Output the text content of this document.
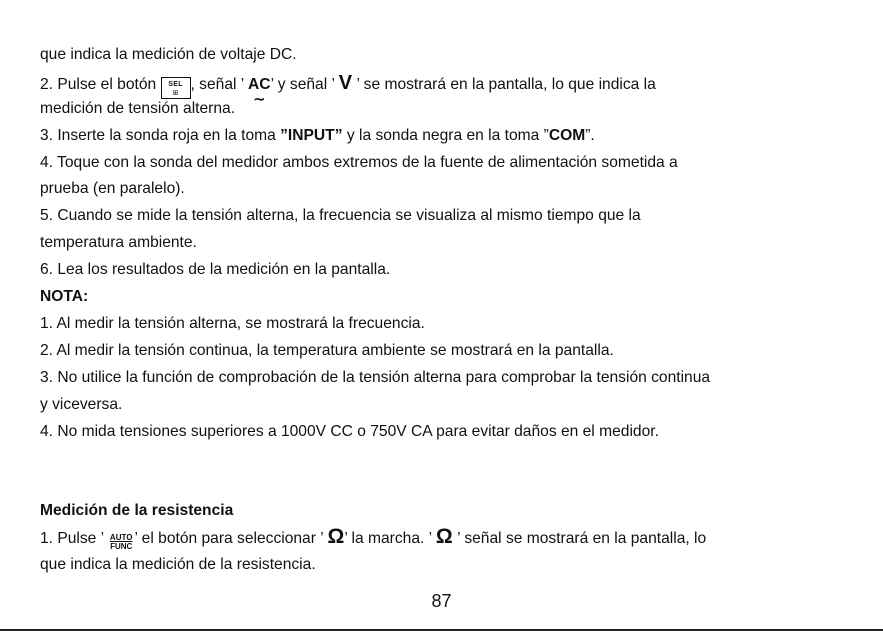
que indica la medición de voltaje DC.
2. Pulse el botón	SEL
⊞
, señal ’ AC
∼
’ y señal ’ V ’ se mostrará en la pantalla, lo que indica la
medición de tensión alterna.
3. Inserte la sonda roja en la toma ”INPUT” y la sonda negra en la toma ”COM”.
4. Toque con la sonda del medidor ambos extremos de la fuente de alimentación sometida a
prueba (en paralelo).
5. Cuando se mide la tensión alterna, la frecuencia se visualiza al mismo tiempo que la
temperatura ambiente.
6. Lea los resultados de la medición en la pantalla.
NOTA:
1. Al medir la tensión alterna, se mostrará la frecuencia.
2. Al medir la tensión continua, la temperatura ambiente se mostrará en la pantalla.
3. No utilice la función de comprobación de la tensión alterna para comprobar la tensión continua
y viceversa.
4. No mida tensiones superiores a 1000V CC o 750V CA para evitar daños en el medidor.
Medición de la resistencia
1. Pulse ’ $\frac{\text{AUTO}}{\text{FUNC}}$ ’ el botón para seleccionar ’ Ω’ la marcha. ’ Ω ’ señal se mostrará en la pantalla, lo
que indica la medición de la resistencia.
87
